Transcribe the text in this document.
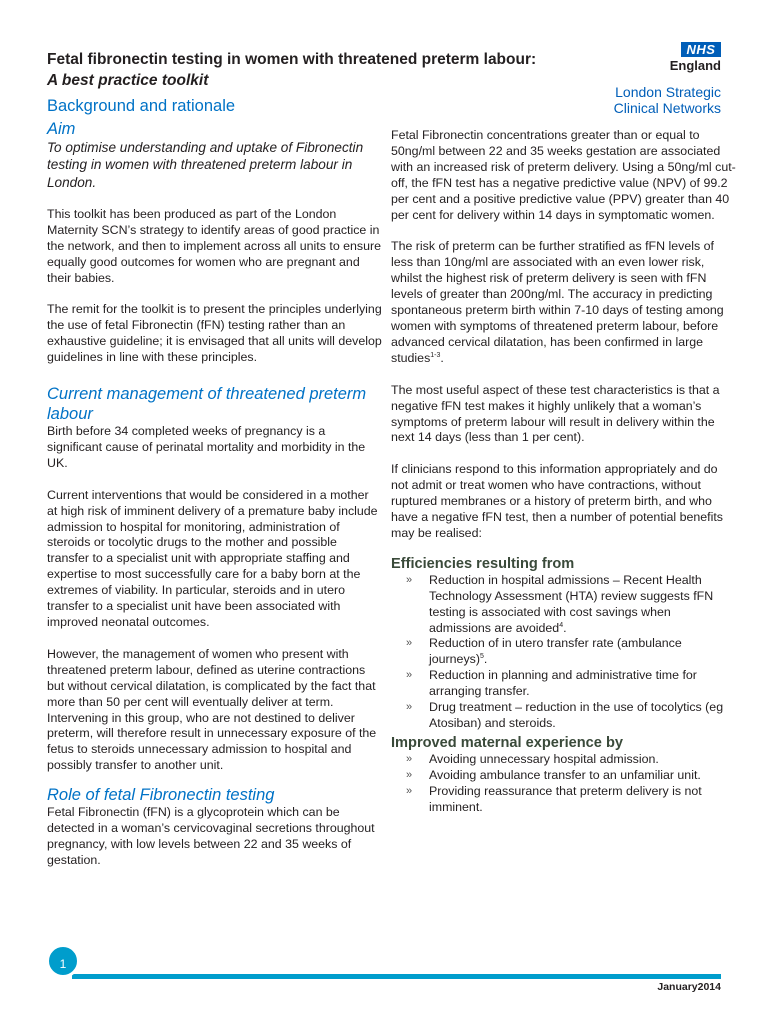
Fetal fibronectin testing in women with threatened preterm labour:
A best practice toolkit
NHS
England
London Strategic
Clinical Networks
Background and rationale
Aim

To optimise understanding and uptake of Fibronectin testing in women with threatened preterm labour in London.

This toolkit has been produced as part of the London Maternity SCN’s strategy to identify areas of good practice in the network, and then to implement across all units to ensure equally good outcomes for women who are pregnant and their babies.

The remit for the toolkit is to present the principles underlying the use of fetal Fibronectin (fFN) testing rather than an exhaustive guideline; it is envisaged that all units will develop guidelines in line with these principles.

Current management of threatened preterm labour

Birth before 34 completed weeks of pregnancy is a significant cause of perinatal mortality and morbidity in the UK.

Current interventions that would be considered in a mother at high risk of imminent delivery of a premature baby include admission to hospital for monitoring, administration of steroids or tocolytic drugs to the mother and possible transfer to a specialist unit with appropriate staffing and expertise to most successfully care for a baby born at the extremes of viability. In particular, steroids and in utero transfer to a specialist unit have been associated with improved neonatal outcomes.

However, the management of women who present with threatened preterm labour, defined as uterine contractions but without cervical dilatation, is complicated by the fact that more than 50 per cent will eventually deliver at term. Intervening in this group, who are not destined to deliver preterm, will therefore result in unnecessary exposure of the fetus to steroids unnecessary admission to hospital and possibly transfer to another unit.

Role of fetal Fibronectin testing

Fetal Fibronectin (fFN) is a glycoprotein which can be detected in a woman’s cervicovaginal secretions throughout pregnancy, with low levels between 22 and 35 weeks of gestation.

Fetal Fibronectin concentrations greater than or equal to 50ng/ml between 22 and 35 weeks gestation are associated with an increased risk of preterm delivery. Using a 50ng/ml cut-off, the fFN test has a negative predictive value (NPV) of 99.2 per cent and a positive predictive value (PPV) greater than 40 per cent for delivery within 14 days in symptomatic women.

The risk of preterm can be further stratified as fFN levels of less than 10ng/ml are associated with an even lower risk, whilst the highest risk of preterm delivery is seen with fFN levels of greater than 200ng/ml. The accuracy in predicting spontaneous preterm birth within 7-10 days of testing among women with symptoms of threatened preterm labour, before advanced cervical dilatation, has been confirmed in large studies$^{1-3}$.

The most useful aspect of these test characteristics is that a negative fFN test makes it highly unlikely that a woman’s symptoms of preterm labour will result in delivery within the next 14 days (less than 1 per cent).

If clinicians respond to this information appropriately and do not admit or treat women who have contractions, without ruptured membranes or a history of preterm birth, and who have a negative fFN test, then a number of potential benefits may be realised:

Efficiencies resulting from
» Reduction in hospital admissions – Recent Health Technology Assessment (HTA) review suggests fFN testing is associated with cost savings when admissions are avoided$^4$.
» Reduction of in utero transfer rate (ambulance journeys)$^5$.
» Reduction in planning and administrative time for arranging transfer.
» Drug treatment – reduction in the use of tocolytics (eg Atosiban) and steroids.
Improved maternal experience by
» Avoiding unnecessary hospital admission.
» Avoiding ambulance transfer to an unfamiliar unit.
» Providing reassurance that preterm delivery is not imminent.
1
January2014
